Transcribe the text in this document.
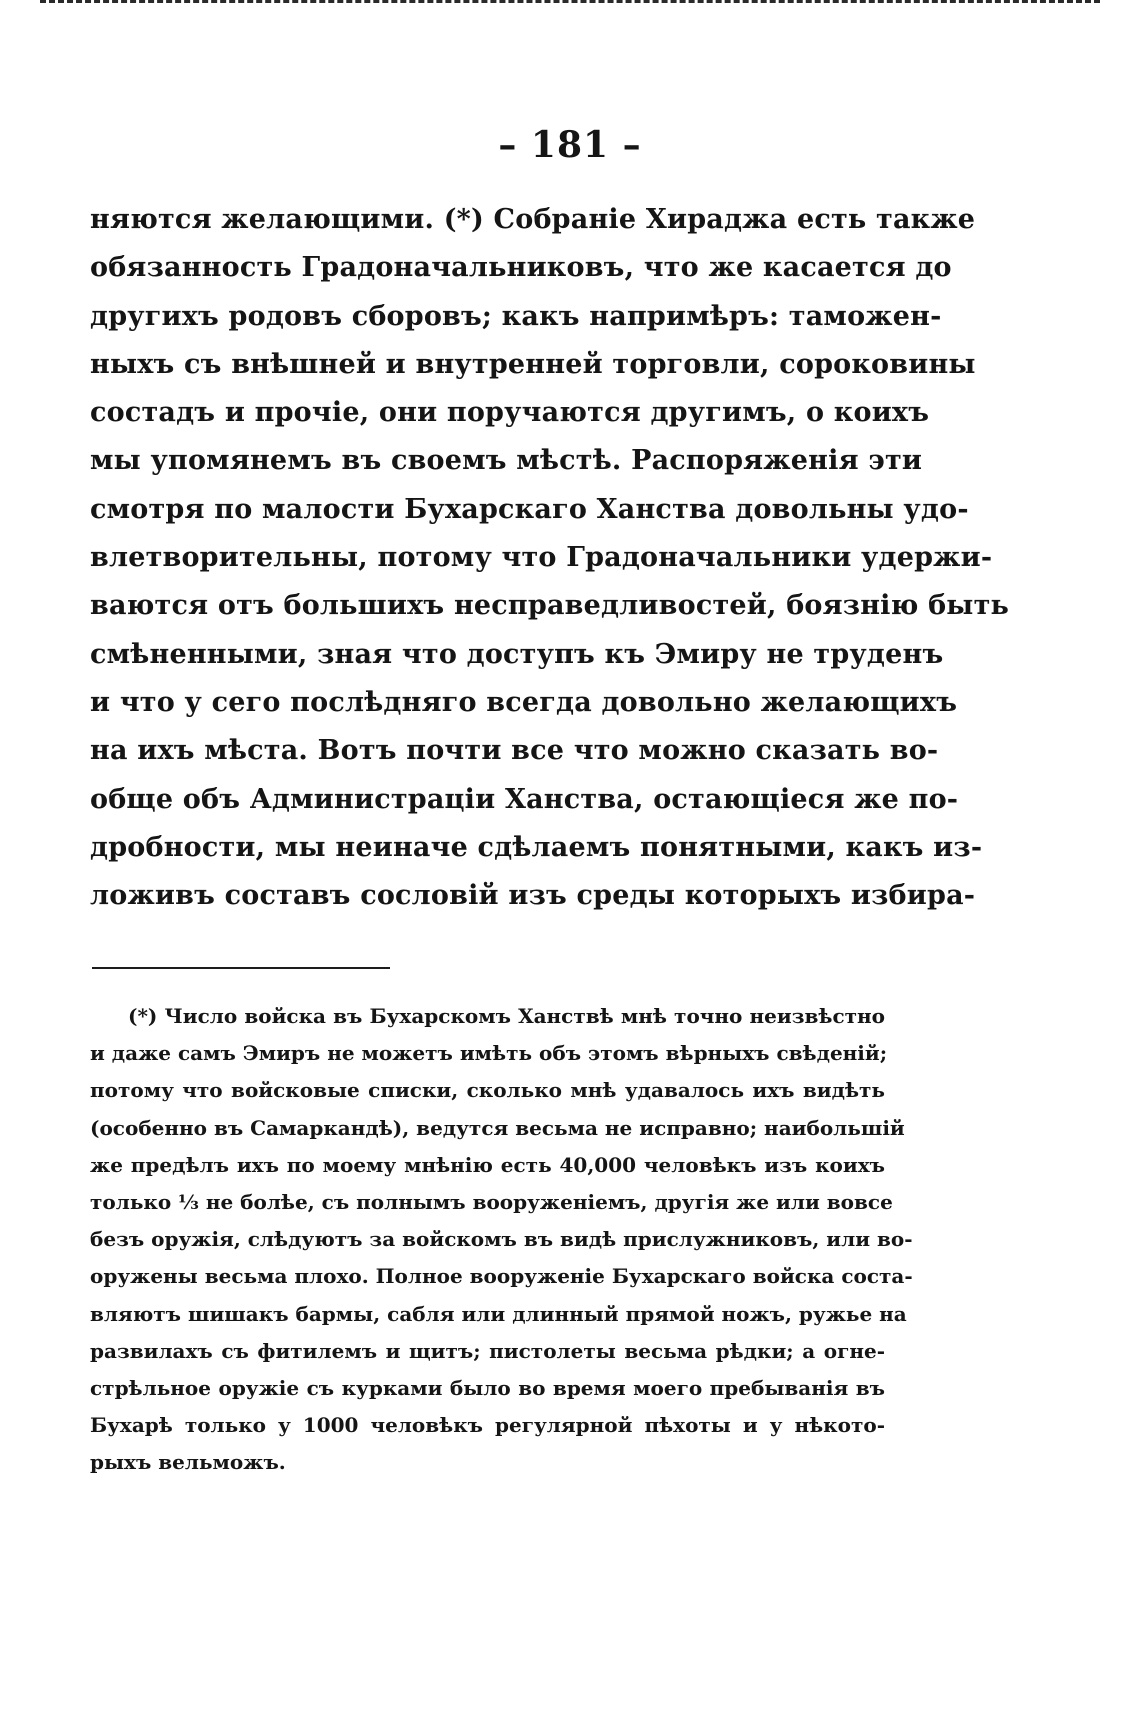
– 181 –
няются желающими. (*) Собраніе Хираджа есть также
обязанность Градоначальниковъ, что же касается до
другихъ родовъ сборовъ; какъ напримѣръ: таможен-
ныхъ съ внѣшней и внутренней торговли, сороковины
состадъ и прочіе, они поручаются другимъ, о коихъ
мы упомянемъ въ своемъ мѣстѣ. Распоряженія эти
смотря по малости Бухарскаго Ханства довольны удо-
влетворительны, потому что Градоначальники удержи-
ваются отъ большихъ несправедливостей, боязнію быть
смѣненными, зная что доступъ къ Эмиру не труденъ
и что у сего послѣдняго всегда довольно желающихъ
на ихъ мѣста. Вотъ почти все что можно сказать во-
обще объ Администраціи Ханства, остающіеся же по-
дробности, мы неиначе сдѣлаемъ понятными, какъ из-
ложивъ составъ сословій изъ среды которыхъ избира-
(*) Число войска въ Бухарскомъ Ханствѣ мнѣ точно неизвѣстно
и даже самъ Эмиръ не можетъ имѣть объ этомъ вѣрныхъ свѣденій;
потому что войсковые списки, сколько мнѣ удавалось ихъ видѣть
(особенно въ Самаркандѣ), ведутся весьма не исправно; наибольшій
же предѣлъ ихъ по моему мнѣнію есть 40,000 человѣкъ изъ коихъ
только ⅓ не болѣе, съ полнымъ вооруженіемъ, другія же или вовсе
безъ оружія, слѣдуютъ за войскомъ въ видѣ прислужниковъ, или во-
оружены весьма плохо. Полное вооруженіе Бухарскаго войска соста-
вляютъ шишакъ бармы, сабля или длинный прямой ножъ, ружье на
развилахъ съ фитилемъ и щитъ; пистолеты весьма рѣдки; а огне-
стрѣльное оружіе съ курками было во время моего пребыванія въ
Бухарѣ только у 1000 человѣкъ регулярной пѣхоты и у нѣкото-
рыхъ вельможъ.
